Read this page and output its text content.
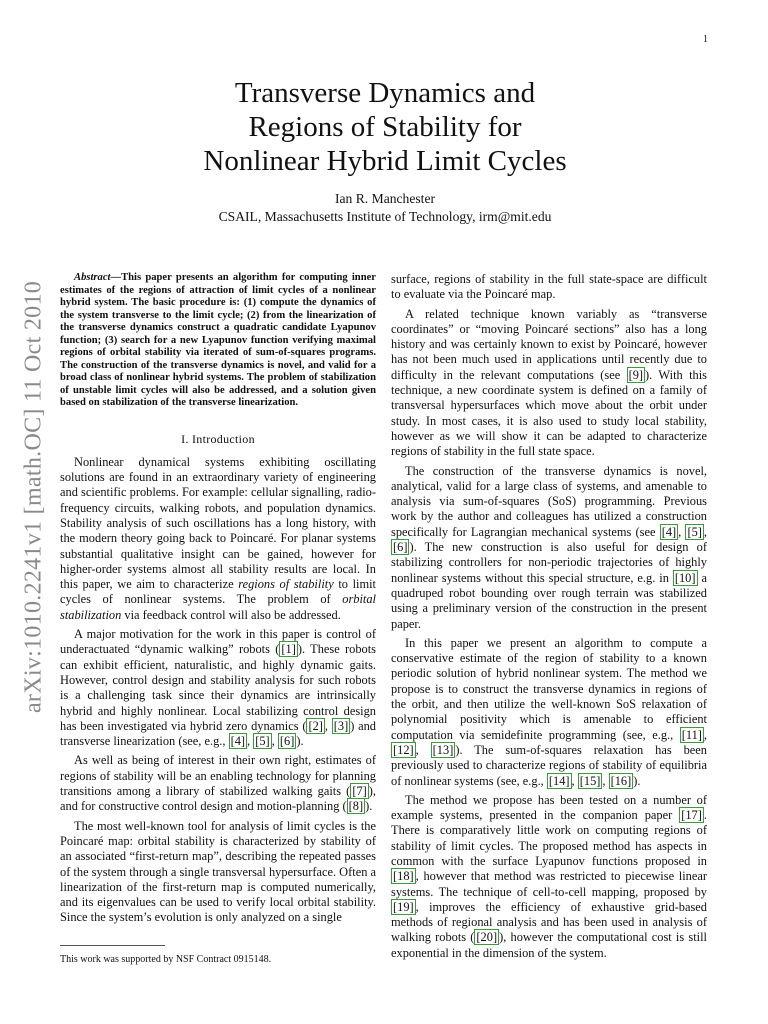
1
arXiv:1010.2241v1 [math.OC] 11 Oct 2010
Transverse Dynamics and
Regions of Stability for
Nonlinear Hybrid Limit Cycles
Ian R. Manchester
CSAIL, Massachusetts Institute of Technology, irm@mit.edu

Abstract—This paper presents an algorithm for computing inner estimates of the regions of attraction of limit cycles of a nonlinear hybrid system. The basic procedure is: (1) compute the dynamics of the system transverse to the limit cycle; (2) from the linearization of the transverse dynamics construct a quadratic candidate Lyapunov function; (3) search for a new Lyapunov function verifying maximal regions of orbital stability via iterated of sum-of-squares programs. The construction of the transverse dynamics is novel, and valid for a broad class of nonlinear hybrid systems. The problem of stabilization of unstable limit cycles will also be addressed, and a solution given based on stabilization of the transverse linearization.

I. Introduction

Nonlinear dynamical systems exhibiting oscillating solutions are found in an extraordinary variety of engineering and scientific problems. For example: cellular signalling, radio-frequency circuits, walking robots, and population dynamics. Stability analysis of such oscillations has a long history, with the modern theory going back to Poincaré. For planar systems substantial qualitative insight can be gained, however for higher-order systems almost all stability results are local. In this paper, we aim to characterize regions of stability to limit cycles of nonlinear systems. The problem of orbital stabilization via feedback control will also be addressed.

A major motivation for the work in this paper is control of underactuated “dynamic walking” robots ( [1] ). These robots can exhibit efficient, naturalistic, and highly dynamic gaits. However, control design and stability analysis for such robots is a challenging task since their dynamics are intrinsically hybrid and highly nonlinear. Local stabilizing control design has been investigated via hybrid zero dynamics ( [2] , [3] ) and transverse linearization (see, e.g., [4] , [5] , [6] ).

As well as being of interest in their own right, estimates of regions of stability will be an enabling technology for planning transitions among a library of stabilized walking gaits ( [7] ), and for constructive control design and motion-planning ( [8] ).

The most well-known tool for analysis of limit cycles is the Poincaré map: orbital stability is characterized by stability of an associated “first-return map”, describing the repeated passes of the system through a single transversal hypersurface. Often a linearization of the first-return map is computed numerically, and its eigenvalues can be used to verify local orbital stability. Since the system’s evolution is only analyzed on a single

surface, regions of stability in the full state-space are difficult to evaluate via the Poincaré map.

A related technique known variably as “transverse coordinates” or “moving Poincaré sections” also has a long history and was certainly known to exist by Poincaré, however has not been much used in applications until recently due to difficulty in the relevant computations (see [9] ). With this technique, a new coordinate system is defined on a family of transversal hypersurfaces which move about the orbit under study. In most cases, it is also used to study local stability, however as we will show it can be adapted to characterize regions of stability in the full state space.

The construction of the transverse dynamics is novel, analytical, valid for a large class of systems, and amenable to analysis via sum-of-squares (SoS) programming. Previous work by the author and colleagues has utilized a construction specifically for Lagrangian mechanical systems (see [4] , [5] , [6] ). The new construction is also useful for design of stabilizing controllers for non-periodic trajectories of highly nonlinear systems without this special structure, e.g. in [10] a quadruped robot bounding over rough terrain was stabilized using a preliminary version of the construction in the present paper.

In this paper we present an algorithm to compute a conservative estimate of the region of stability to a known periodic solution of hybrid nonlinear system. The method we propose is to construct the transverse dynamics in regions of the orbit, and then utilize the well-known SoS relaxation of polynomial positivity which is amenable to efficient computation via semidefinite programming (see, e.g., [11] , [12] , [13] ). The sum-of-squares relaxation has been previously used to characterize regions of stability of equilibria of nonlinear systems (see, e.g., [14] , [15] , [16] ).

The method we propose has been tested on a number of example systems, presented in the companion paper [17] . There is comparatively little work on computing regions of stability of limit cycles. The proposed method has aspects in common with the surface Lyapunov functions proposed in [18] , however that method was restricted to piecewise linear systems. The technique of cell-to-cell mapping, proposed by [19] , improves the efficiency of exhaustive grid-based methods of regional analysis and has been used in analysis of walking robots ( [20] ), however the computational cost is still exponential in the dimension of the system.

This work was supported by NSF Contract 0915148.
